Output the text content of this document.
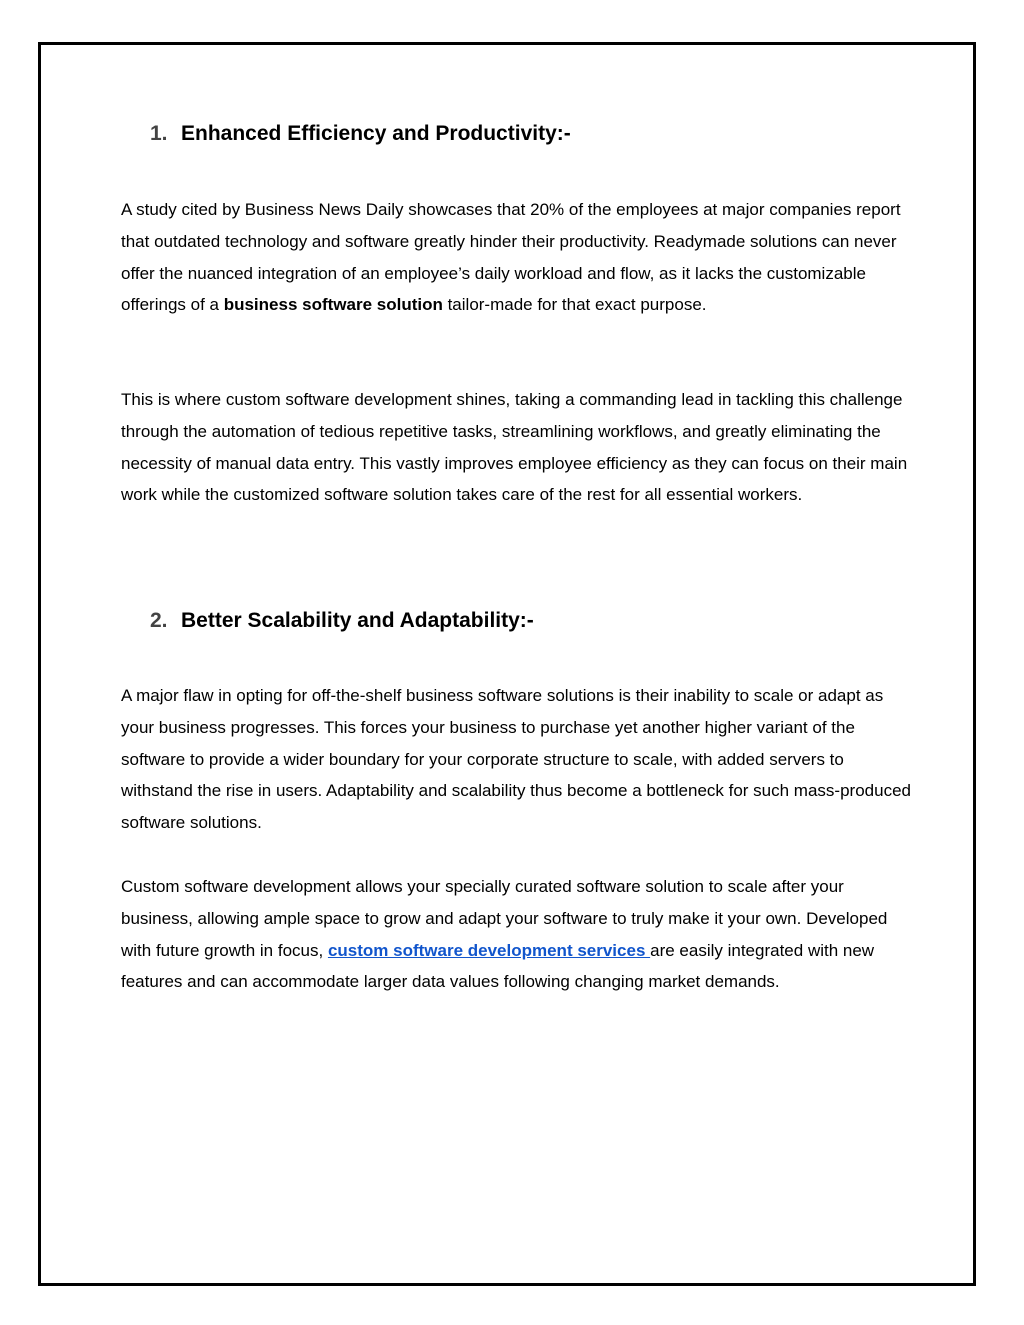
1. Enhanced Efficiency and Productivity:-

A study cited by Business News Daily showcases that 20% of the employees at major companies report that outdated technology and software greatly hinder their productivity. Readymade solutions can never offer the nuanced integration of an employee’s daily workload and flow, as it lacks the customizable offerings of a business software solution tailor-made for that exact purpose.

This is where custom software development shines, taking a commanding lead in tackling this challenge through the automation of tedious repetitive tasks, streamlining workflows, and greatly eliminating the necessity of manual data entry. This vastly improves employee efficiency as they can focus on their main work while the customized software solution takes care of the rest for all essential workers.

2. Better Scalability and Adaptability:-

A major flaw in opting for off-the-shelf business software solutions is their inability to scale or adapt as your business progresses. This forces your business to purchase yet another higher variant of the software to provide a wider boundary for your corporate structure to scale, with added servers to withstand the rise in users. Adaptability and scalability thus become a bottleneck for such mass-produced software solutions.

Custom software development allows your specially curated software solution to scale after your business, allowing ample space to grow and adapt your software to truly make it your own. Developed with future growth in focus, custom software development services are easily integrated with new features and can accommodate larger data values following changing market demands.
